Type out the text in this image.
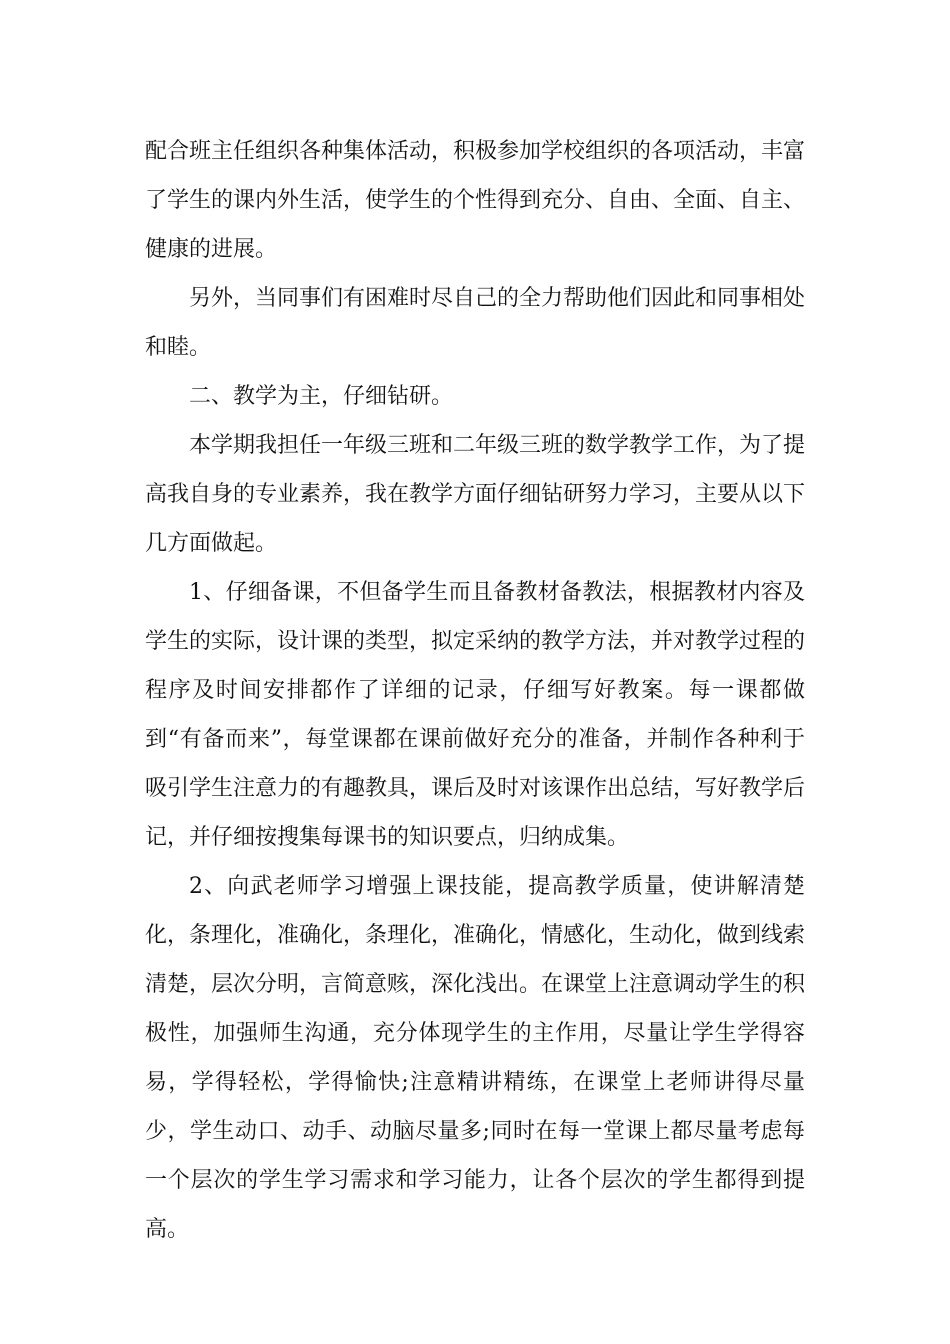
配合班主任组织各种集体活动，积极参加学校组织的各项活动，丰富了学生的课内外生活，使学生的个性得到充分、自由、全面、自主、健康的进展。

另外，当同事们有困难时尽自己的全力帮助他们因此和同事相处和睦。

二、教学为主，仔细钻研。

本学期我担任一年级三班和二年级三班的数学教学工作，为了提高我自身的专业素养，我在教学方面仔细钻研努力学习，主要从以下几方面做起。

1、仔细备课，不但备学生而且备教材备教法，根据教材内容及学生的实际，设计课的类型，拟定采纳的教学方法，并对教学过程的程序及时间安排都作了详细的记录，仔细写好教案。每一课都做到“有备而来”，每堂课都在课前做好充分的准备，并制作各种利于吸引学生注意力的有趣教具，课后及时对该课作出总结，写好教学后记，并仔细按搜集每课书的知识要点，归纳成集。

2、向武老师学习增强上课技能，提高教学质量，使讲解清楚化，条理化，准确化，条理化，准确化，情感化，生动化，做到线索清楚，层次分明，言简意赅，深化浅出。在课堂上注意调动学生的积极性，加强师生沟通，充分体现学生的主作用，尽量让学生学得容易，学得轻松，学得愉快;注意精讲精练，在课堂上老师讲得尽量少，学生动口、动手、动脑尽量多;同时在每一堂课上都尽量考虑每一个层次的学生学习需求和学习能力，让各个层次的学生都得到提高。
